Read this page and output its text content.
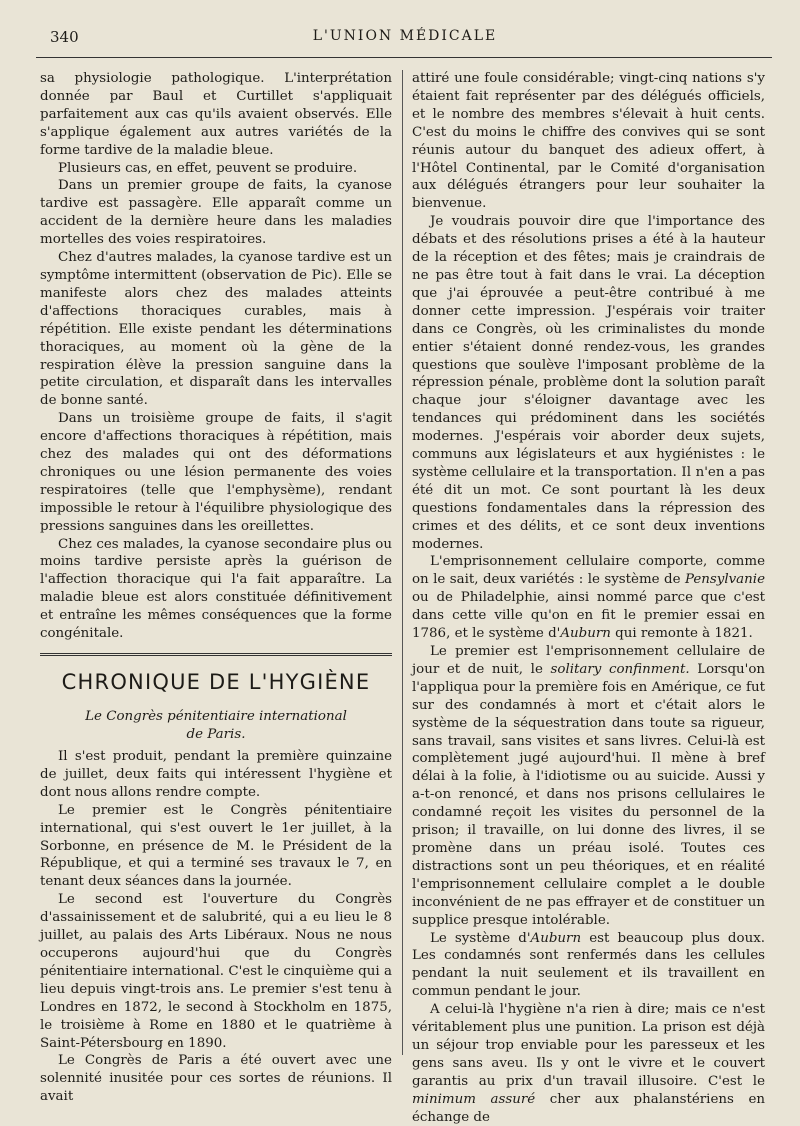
340	L'UNION MÉDICALE

sa physiologie pathologique. L'interprétation donnée par Baul et Curtillet s'appliquait parfaitement aux cas qu'ils avaient observés. Elle s'applique également aux autres variétés de la forme tardive de la maladie bleue.

Plusieurs cas, en effet, peuvent se produire.

Dans un premier groupe de faits, la cyanose tardive est passagère. Elle apparaît comme un accident de la dernière heure dans les maladies mortelles des voies respiratoires.

Chez d'autres malades, la cyanose tardive est un symptôme intermittent (observation de Pic). Elle se manifeste alors chez des malades atteints d'affections thoraciques curables, mais à répétition. Elle existe pendant les déterminations thoraciques, au moment où la gène de la respiration élève la pression sanguine dans la petite circulation, et disparaît dans les intervalles de bonne santé.

Dans un troisième groupe de faits, il s'agit encore d'affections thoraciques à répétition, mais chez des malades qui ont des déformations chroniques ou une lésion permanente des voies respiratoires (telle que l'emphysème), rendant impossible le retour à l'équilibre physiologique des pressions sanguines dans les oreillettes.

Chez ces malades, la cyanose secondaire plus ou moins tardive persiste après la guérison de l'affection thoracique qui l'a fait apparaître. La maladie bleue est alors constituée définitivement et entraîne les mêmes conséquences que la forme congénitale.

CHRONIQUE DE L'HYGIÈNE
Le Congrès pénitentiaire international
de Paris.

Il s'est produit, pendant la première quinzaine de juillet, deux faits qui intéressent l'hygiène et dont nous allons rendre compte.

Le premier est le Congrès pénitentiaire international, qui s'est ouvert le 1er juillet, à la Sorbonne, en présence de M. le Président de la République, et qui a terminé ses travaux le 7, en tenant deux séances dans la journée.

Le second est l'ouverture du Congrès d'assainissement et de salubrité, qui a eu lieu le 8 juillet, au palais des Arts Libéraux. Nous ne nous occuperons aujourd'hui que du Congrès pénitentiaire international. C'est le cinquième qui a lieu depuis vingt-trois ans. Le premier s'est tenu à Londres en 1872, le second à Stockholm en 1875, le troisième à Rome en 1880 et le quatrième à Saint-Pétersbourg en 1890.

Le Congrès de Paris a été ouvert avec une solennité inusitée pour ces sortes de réunions. Il avait

attiré une foule considérable; vingt-cinq nations s'y étaient fait représenter par des délégués officiels, et le nombre des membres s'élevait à huit cents. C'est du moins le chiffre des convives qui se sont réunis autour du banquet des adieux offert, à l'Hôtel Continental, par le Comité d'organisation aux délégués étrangers pour leur souhaiter la bienvenue.

Je voudrais pouvoir dire que l'importance des débats et des résolutions prises a été à la hauteur de la réception et des fêtes; mais je craindrais de ne pas être tout à fait dans le vrai. La déception que j'ai éprouvée a peut-être contribué à me donner cette impression. J'espérais voir traiter dans ce Congrès, où les criminalistes du monde entier s'étaient donné rendez-vous, les grandes questions que soulève l'imposant problème de la répression pénale, problème dont la solution paraît chaque jour s'éloigner davantage avec les tendances qui prédominent dans les sociétés modernes. J'espérais voir aborder deux sujets, communs aux législateurs et aux hygiénistes : le système cellulaire et la transportation. Il n'en a pas été dit un mot. Ce sont pourtant là les deux questions fondamentales dans la répression des crimes et des délits, et ce sont deux inventions modernes.

L'emprisonnement cellulaire comporte, comme on le sait, deux variétés : le système de Pensylvanie ou de Philadelphie, ainsi nommé parce que c'est dans cette ville qu'on en fit le premier essai en 1786, et le système d'Auburn qui remonte à 1821.

Le premier est l'emprisonnement cellulaire de jour et de nuit, le solitary confinment. Lorsqu'on l'appliqua pour la première fois en Amérique, ce fut sur des condamnés à mort et c'était alors le système de la séquestration dans toute sa rigueur, sans travail, sans visites et sans livres. Celui-là est complètement jugé aujourd'hui. Il mène à bref délai à la folie, à l'idiotisme ou au suicide. Aussi y a-t-on renoncé, et dans nos prisons cellulaires le condamné reçoit les visites du personnel de la prison; il travaille, on lui donne des livres, il se promène dans un préau isolé. Toutes ces distractions sont un peu théoriques, et en réalité l'emprisonnement cellulaire complet a le double inconvénient de ne pas effrayer et de constituer un supplice presque intolérable.

Le système d'Auburn est beaucoup plus doux. Les condamnés sont renfermés dans les cellules pendant la nuit seulement et ils travaillent en commun pendant le jour.

A celui-là l'hygiène n'a rien à dire; mais ce n'est véritablement plus une punition. La prison est déjà un séjour trop enviable pour les paresseux et les gens sans aveu. Ils y ont le vivre et le couvert garantis au prix d'un travail illusoire. C'est le minimum assuré cher aux phalanstériens en échange de
